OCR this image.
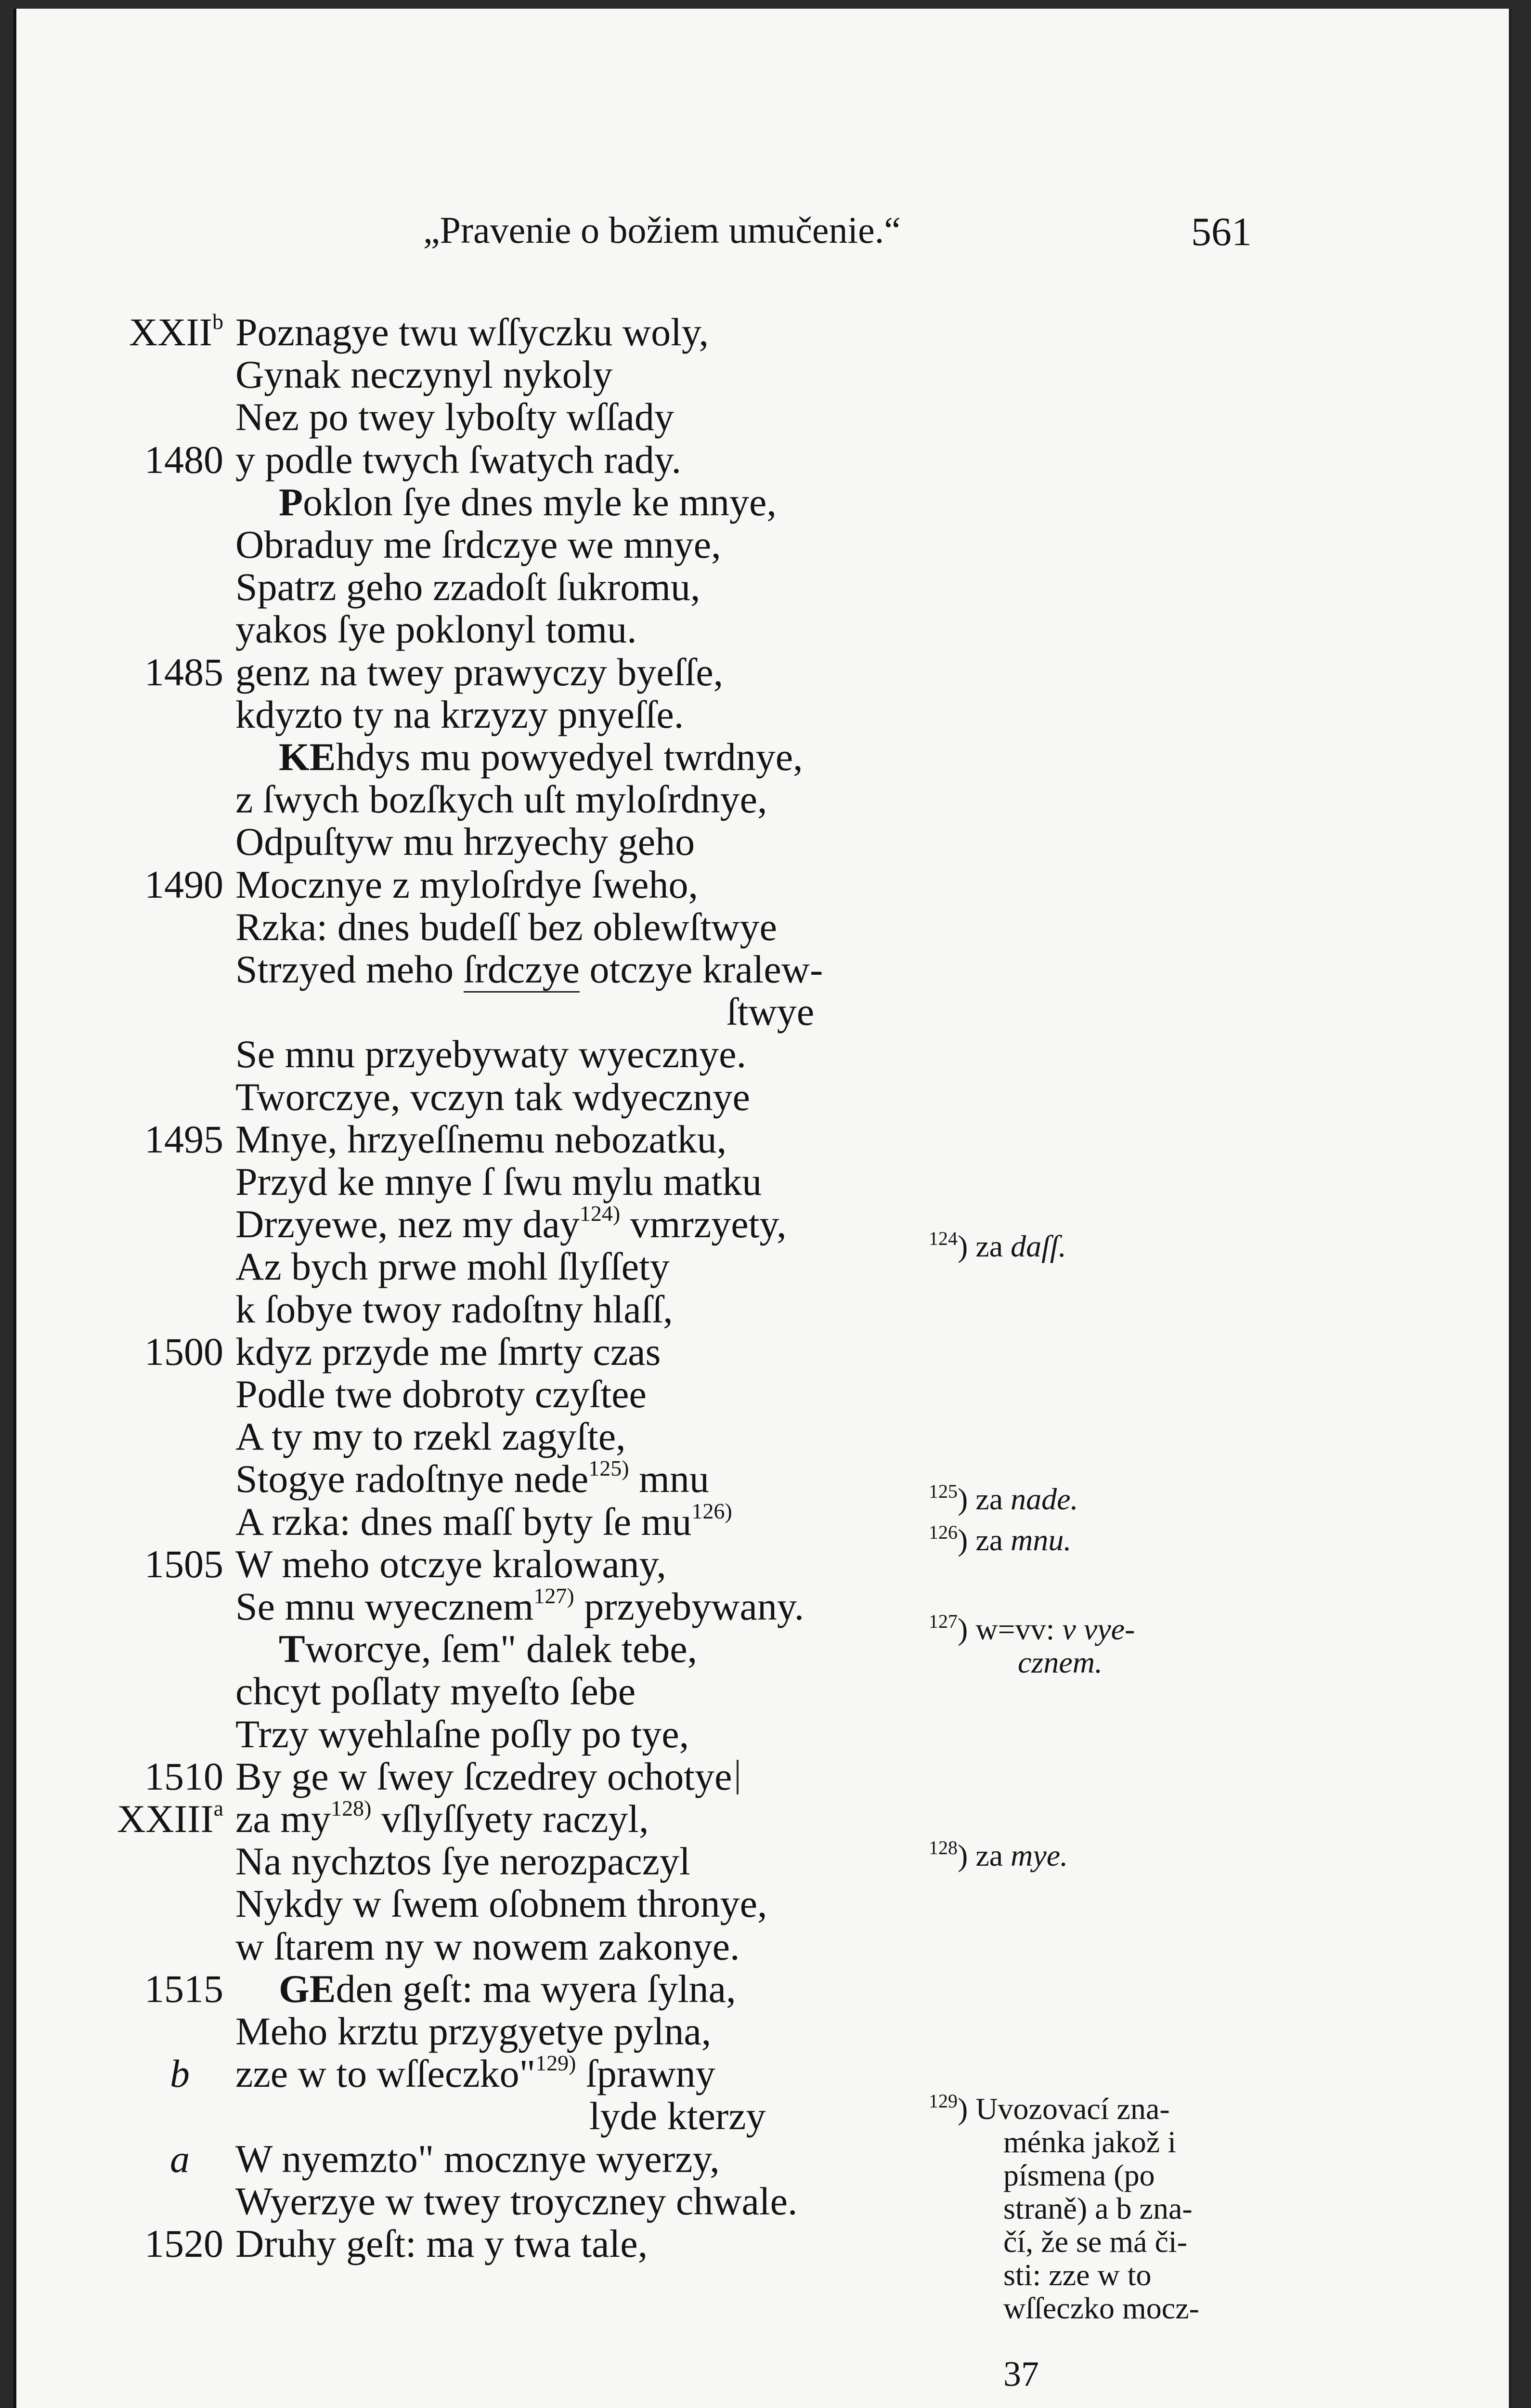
„Pravenie o božiem umučenie.“	561
XXII$^b$ Poznagye twu wſſyczku woly,
Gynak neczynyl nykoly
Nez po twey lyboſty wſſady
1480 y podle twych ſwatych rady.
Poklon ſye dnes myle ke mnye,
Obraduy me ſrdczye we mnye,
Spatrz geho zzadoſt ſukromu,
yakos ſye poklonyl tomu.
1485 genz na twey prawyczy byeſſe,
kdyzto ty na krzyzy pnyeſſe.
KEhdys mu powyedyel twrdnye,
z ſwych bozſkych uſt myloſrdnye,
Odpuſtyw mu hrzyechy geho
1490 Mocznye z myloſrdye ſweho,
Rzka: dnes budeſſ bez oblewſtwye
Strzyed meho ſrdczye otczye kralew-
ſtwye
Se mnu przyebywaty wyecznye.
Tworczye, vczyn tak wdyecznye
1495 Mnye, hrzyeſſnemu nebozatku,
Przyd ke mnye ſ ſwu mylu matku
Drzyewe, nez my day$^{124)}$ vmrzyety,
Az bych prwe mohl ſlyſſety
k ſobye twoy radoſtny hlaſſ,
1500 kdyz przyde me ſmrty czas
Podle twe dobroty czyſtee
A ty my to rzekl zagyſte,
Stogye radoſtnye nede$^{125)}$ mnu
A rzka: dnes maſſ byty ſe mu$^{126)}$
1505 W meho otczye kralowany,
Se mnu wyecznem$^{127)}$ przyebywany.
Tworcye, ſem" dalek tebe,
chcyt poſlaty myeſto ſebe
Trzy wyehlaſne poſly po tye,
1510 By ge w ſwey ſczedrey ochotye
XXIII$^a$ za my$^{128)}$ vſlyſſyety raczyl,
Na nychztos ſye nerozpaczyl
Nykdy w ſwem oſobnem thronye,
w ſtarem ny w nowem zakonye.
1515 GEden geſt: ma wyera ſylna,
Meho krztu przygyetye pylna,
b zze w to wſſeczko"$^{129)}$ ſprawny
lyde kterzy
a W nyemztо" mocznye wyerzy,
Wyerzye w twey troyczney chwale.
1520 Druhy geſt: ma y twa tale,
$^{124}$) za daſſ.
$^{125}$) za nade.
$^{126}$) za mnu.
$^{127}$) w=vv: v vye-
cznem.
$^{128}$) za mye.
$^{129}$) Uvozovací zna-
ménka jakož i
písmena (po
straně) a b zna-
čí, že se má či-
sti: zze w to
wſſeczko mocz-
37
